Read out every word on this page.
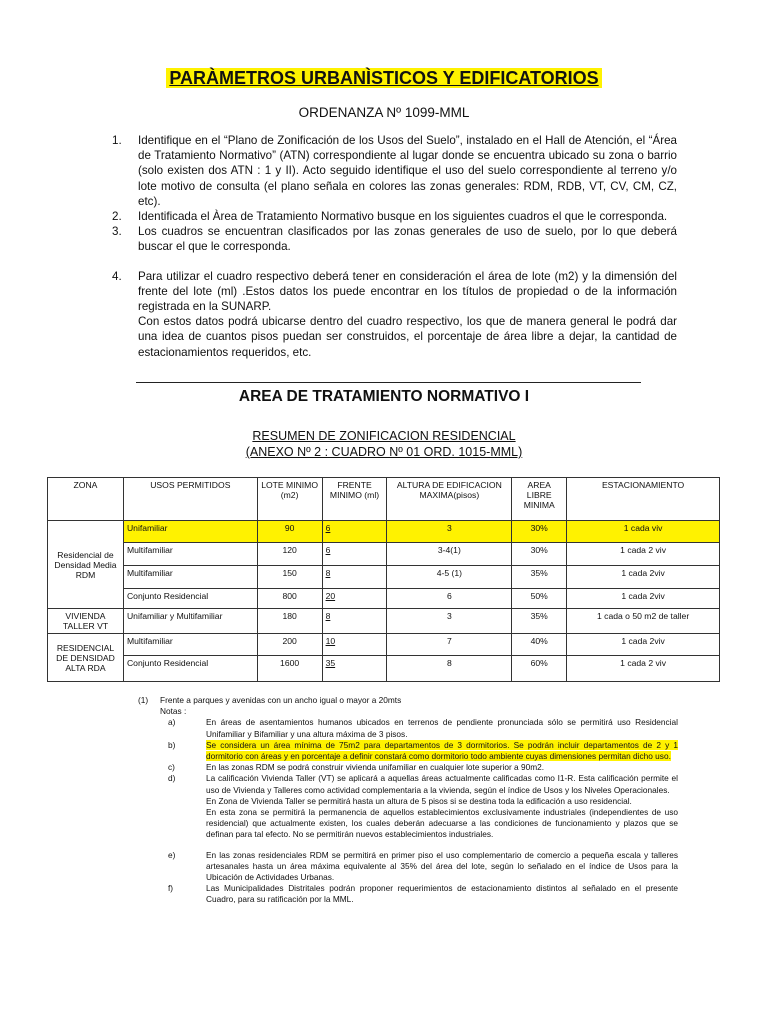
PARÀMETROS URBANÌSTICOS Y EDIFICATORIOS
ORDENANZA Nº 1099-MML
1. Identifique en el “Plano de Zonificación de los Usos del Suelo”, instalado en el Hall de Atención, el “Área de Tratamiento Normativo” (ATN) correspondiente al lugar donde se encuentra ubicado su zona o barrio (solo existen dos ATN : 1 y II). Acto seguido identifique el uso del suelo correspondiente al terreno y/o lote motivo de consulta (el plano señala en colores las zonas generales: RDM, RDB, VT, CV, CM, CZ, etc).
2. Identificada el Àrea de Tratamiento Normativo busque en los siguientes cuadros el que le corresponda.
3. Los cuadros se encuentran clasificados por las zonas generales de uso de suelo, por lo que deberá buscar el que le corresponda.
4. Para utilizar el cuadro respectivo deberá tener en consideración el área de lote (m2) y la dimensión del frente del lote (ml) .Estos datos los puede encontrar en los títulos de propiedad o de la información registrada en la SUNARP.
Con estos datos podrá ubicarse dentro del cuadro respectivo, los que de manera general le podrá dar una idea de cuantos pisos puedan ser construidos, el porcentaje de área libre a dejar, la cantidad de estacionamientos requeridos, etc.
AREA DE TRATAMIENTO NORMATIVO I
RESUMEN DE ZONIFICACION RESIDENCIAL
(ANEXO Nº 2 : CUADRO Nº 01 ORD. 1015-MML)
ZONA	USOS PERMITIDOS	LOTE MINIMO (m2)	FRENTE MINIMO (ml)	ALTURA DE EDIFICACION MAXIMA(pisos)	AREA LIBRE MINIMA	ESTACIONAMIENTO
Residencial de Densidad Media RDM	Unifamiliar	90	6	3	30%	1 cada viv
	Multifamiliar	120	6	3-4(1)	30%	1 cada 2 viv
	Multifamiliar	150	8	4-5 (1)	35%	1 cada 2viv
	Conjunto Residencial	800	20	6	50%	1 cada 2viv
VIVIENDA TALLER VT	Unifamiliar y Multifamiliar	180	8	3	35%	1 cada o 50 m2 de taller
RESIDENCIAL DE DENSIDAD ALTA RDA	Multifamiliar	200	10	7	40%	1 cada 2viv
	Conjunto Residencial	1600	35	8	60%	1 cada 2 viv
(1) Frente a parques y avenidas con un ancho igual o mayor a 20mts
Notas :
a)	En áreas de asentamientos humanos ubicados en terrenos de pendiente pronunciada sólo se permitirá uso Residencial Unifamiliar y Bifamiliar y una altura máxima de 3 pisos.
b)	Se considera un área mínima de 75m2 para departamentos de 3 dormitorios. Se podrán incluir departamentos de 2 y 1 dormitorio con áreas y en porcentaje a definir constará como dormitorio todo ambiente cuyas dimensiones permitan dicho uso.
c)	En las zonas RDM se podrá construir vivienda unifamiliar en cualquier lote superior a 90m2.
d)	La calificación Vivienda Taller (VT) se aplicará a aquellas áreas actualmente calificadas como I1-R. Esta calificación permite el uso de Vivienda y Talleres como actividad complementaria a la vivienda, según el índice de Usos y los Niveles Operacionales.
En Zona de Vivienda Taller se permitirá hasta un altura de 5 pisos si se destina toda la edificación a uso residencial.
En esta zona se permitirá la permanencia de aquellos establecimientos exclusivamente industriales (independientes de uso residencial) que actualmente existen, los cuales deberán adecuarse a las condiciones de funcionamiento y plazos que se definan para tal efecto. No se permitirán nuevos establecimientos industriales.
e)	En las zonas residenciales RDM se permitirá en primer piso el uso complementario de comercio a pequeña escala y talleres artesanales hasta un área máxima equivalente al 35% del área del lote, según lo señalado en el índice de Usos para la Ubicación de Actividades Urbanas.
f)	Las Municipalidades Distritales podrán proponer requerimientos de estacionamiento distintos al señalado en el presente Cuadro, para su ratificación por la MML.
